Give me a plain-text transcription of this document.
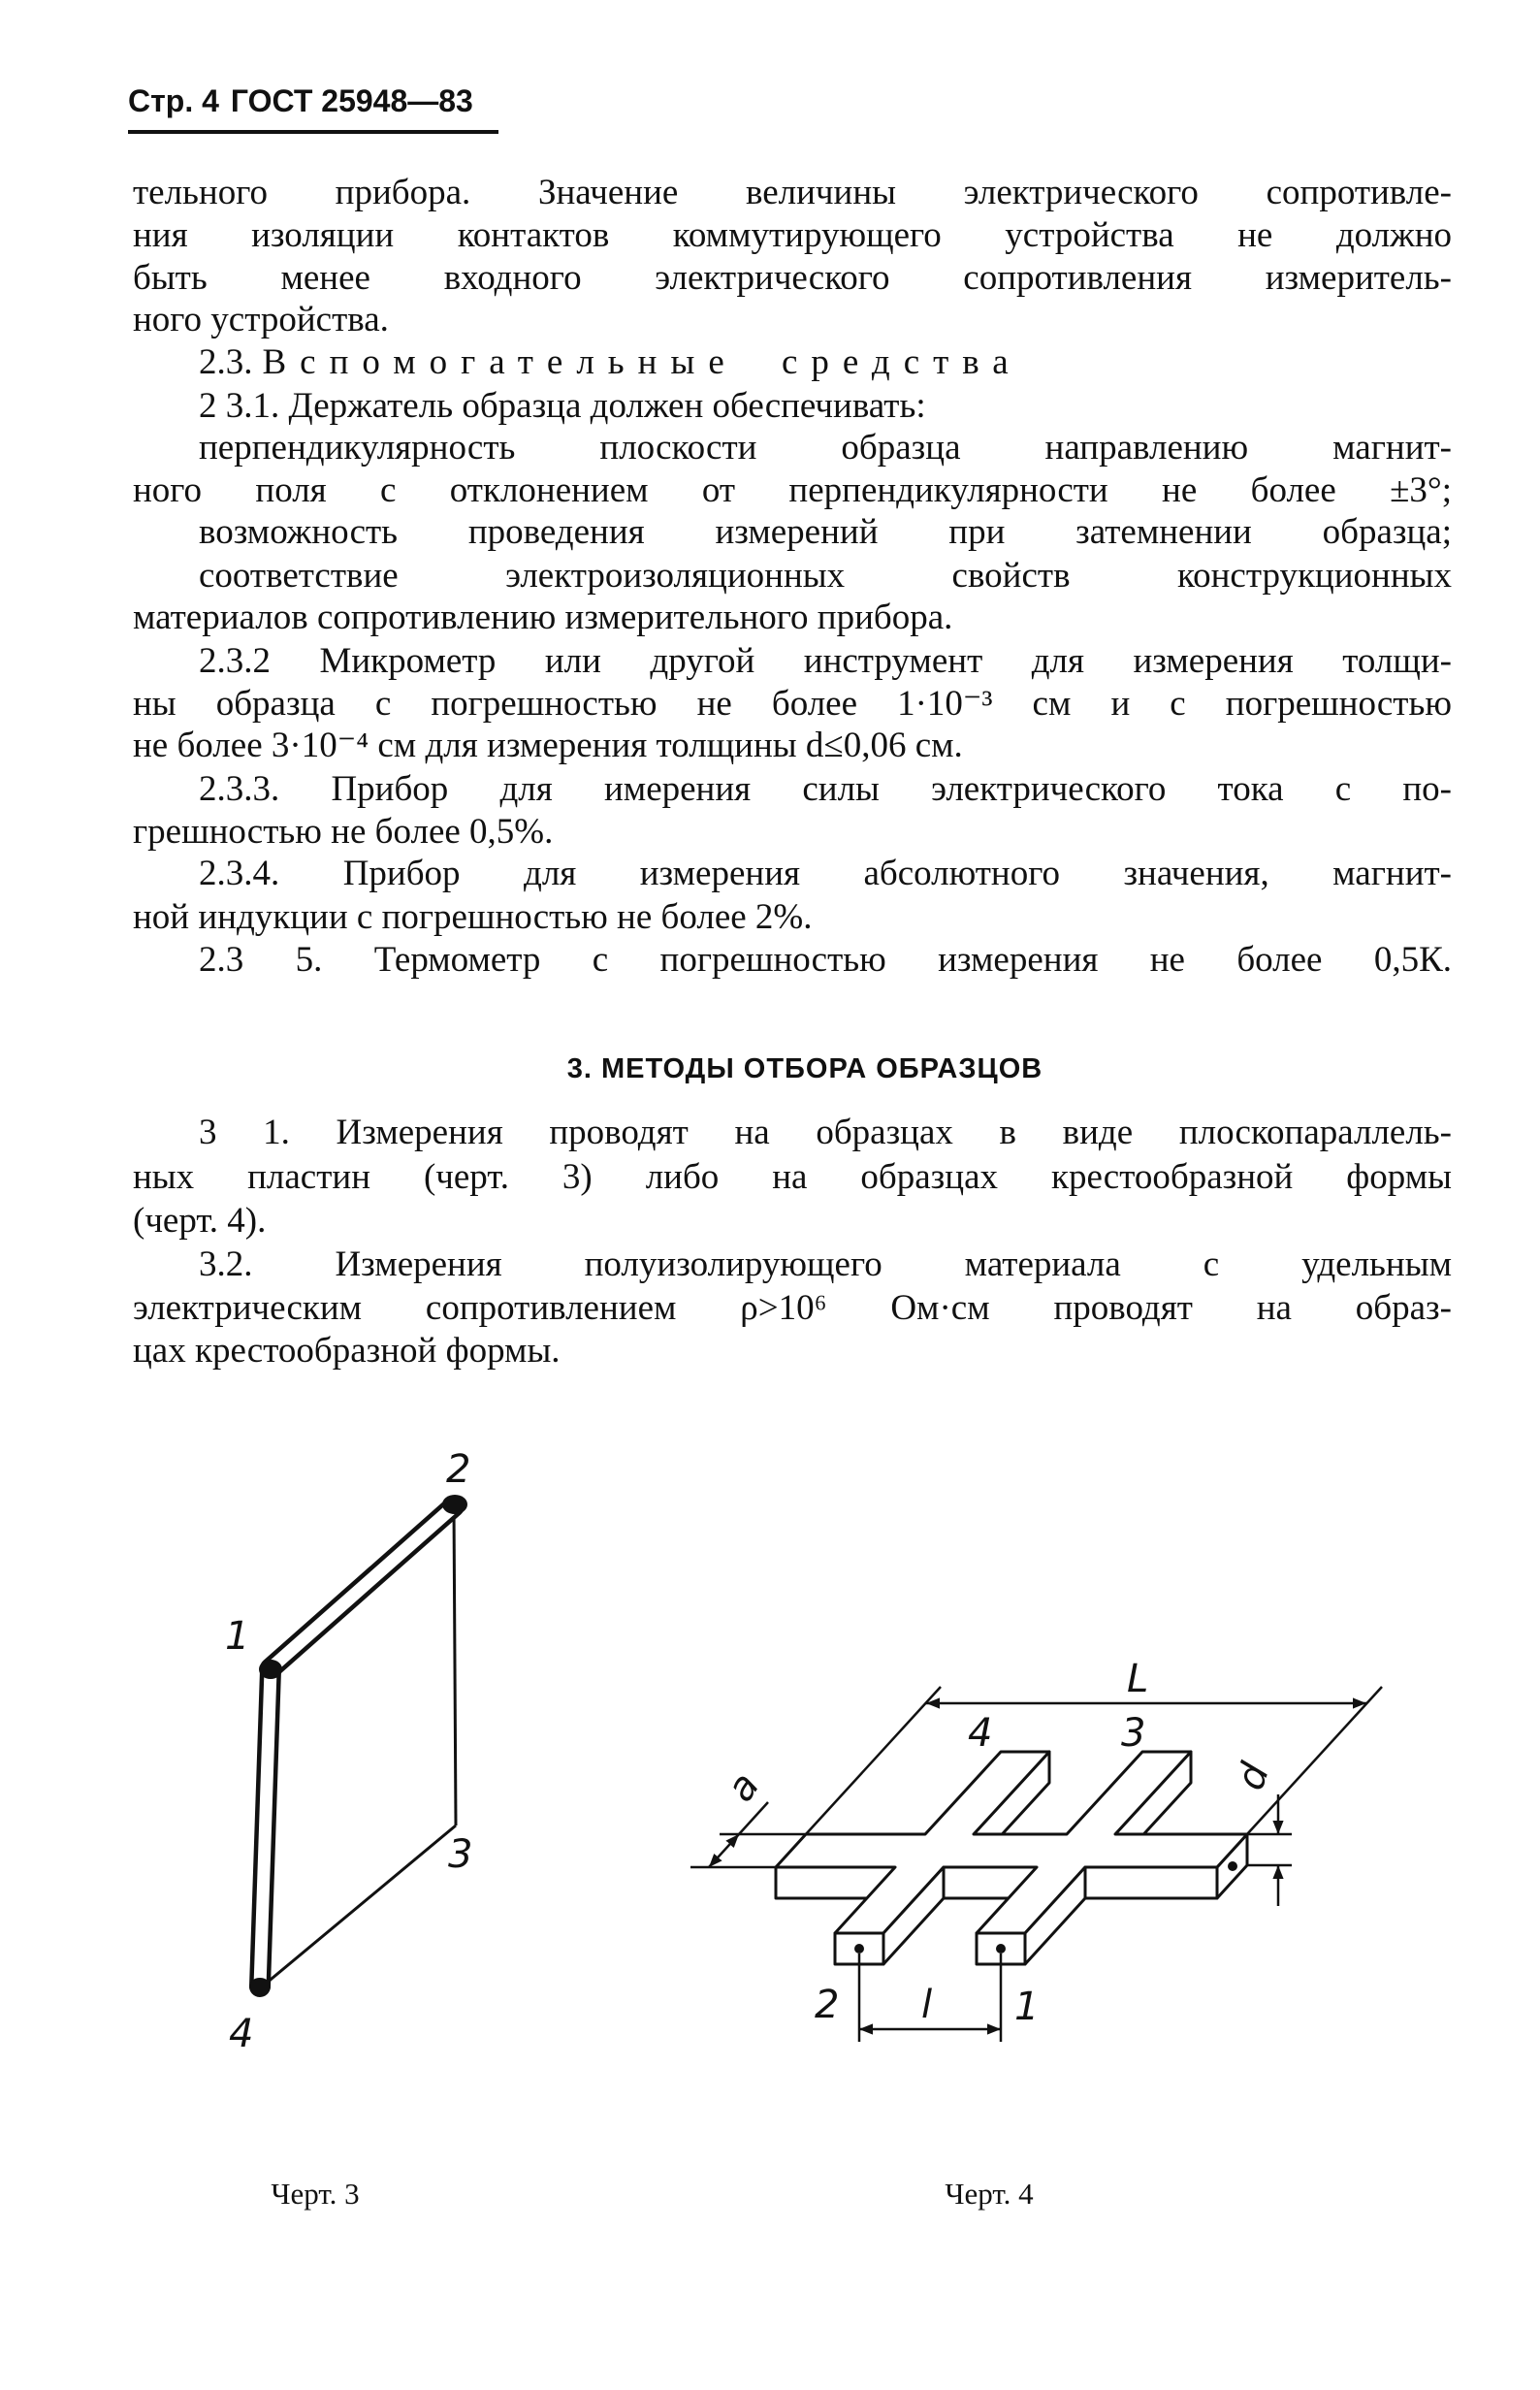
Стр. 4 ГОСТ 25948—83
тельного прибора. Значение величины электрического сопротивле-
ния изоляции контактов коммутирующего устройства не должно
быть менее входного электрического сопротивления измеритель-
ного устройства.
2.3. Вспомогательные средства
2 3.1. Держатель образца должен обеспечивать:
перпендикулярность плоскости образца направлению магнит-
ного поля с отклонением от перпендикулярности не более ±3°;
возможность проведения измерений при затемнении образца;
соответствие электроизоляционных свойств конструкционных
материалов сопротивлению измерительного прибора.
2.3.2 Микрометр или другой инструмент для измерения толщи-
ны образца с погрешностью не более 1·10⁻³ см и с погрешностью
не более 3·10⁻⁴ см для измерения толщины d≤0,06 см.
2.3.3. Прибор для имерения силы электрического тока с по-
грешностью не более 0,5%.
2.3.4. Прибор для измерения абсолютного значения, магнит-
ной индукции с погрешностью не более 2%.
2.3 5. Термометр с погрешностью измерения не более 0,5К.
3. МЕТОДЫ ОТБОРА ОБРАЗЦОВ
3 1. Измерения проводят на образцах в виде плоскопараллель-
ных пластин (черт. 3) либо на образцах крестообразной формы
(черт. 4).
3.2. Измерения полуизолирующего материала с удельным
электрическим сопротивлением ρ>10⁶ Ом·см проводят на образ-
цах крестообразной формы.
2
1
3
4
L
a	d
l
4	3
2	1
Черт. 3	Черт. 4
